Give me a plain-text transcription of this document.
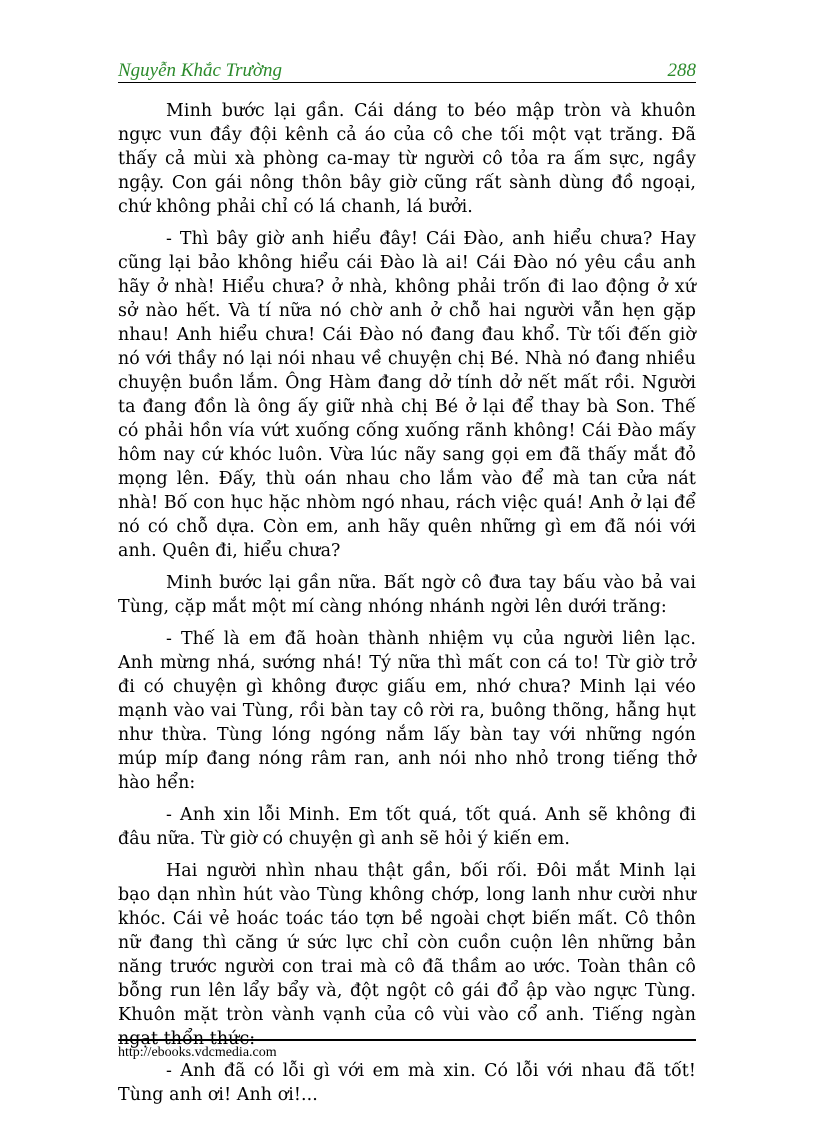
Nguyễn Khắc Trường	288

Minh bước lại gần. Cái dáng to béo mập tròn và khuôn ngực vun đầy đội kênh cả áo của cô che tối một vạt trăng. Đã thấy cả mùi xà phòng ca-may từ người cô tỏa ra ấm sực, ngầy ngậy. Con gái nông thôn bây giờ cũng rất sành dùng đồ ngoại, chứ không phải chỉ có lá chanh, lá bưởi.

- Thì bây giờ anh hiểu đây! Cái Đào, anh hiểu chưa? Hay cũng lại bảo không hiểu cái Đào là ai! Cái Đào nó yêu cầu anh hãy ở nhà! Hiểu chưa? ở nhà, không phải trốn đi lao động ở xứ sở nào hết. Và tí nữa nó chờ anh ở chỗ hai người vẫn hẹn gặp nhau! Anh hiểu chưa! Cái Đào nó đang đau khổ. Từ tối đến giờ nó với thầy nó lại nói nhau về chuyện chị Bé. Nhà nó đang nhiều chuyện buồn lắm. Ông Hàm đang dở tính dở nết mất rồi. Người ta đang đồn là ông ấy giữ nhà chị Bé ở lại để thay bà Son. Thế có phải hồn vía vứt xuống cống xuống rãnh không! Cái Đào mấy hôm nay cứ khóc luôn. Vừa lúc nãy sang gọi em đã thấy mắt đỏ mọng lên. Đấy, thù oán nhau cho lắm vào để mà tan cửa nát nhà! Bố con hục hặc nhòm ngó nhau, rách việc quá! Anh ở lại để nó có chỗ dựa. Còn em, anh hãy quên những gì em đã nói với anh. Quên đi, hiểu chưa?

Minh bước lại gần nữa. Bất ngờ cô đưa tay bấu vào bả vai Tùng, cặp mắt một mí càng nhóng nhánh ngời lên dưới trăng:

- Thế là em đã hoàn thành nhiệm vụ của người liên lạc. Anh mừng nhá, sướng nhá! Tý nữa thì mất con cá to! Từ giờ trở đi có chuyện gì không được giấu em, nhớ chưa? Minh lại véo mạnh vào vai Tùng, rồi bàn tay cô rời ra, buông thõng, hẫng hụt như thừa. Tùng lóng ngóng nắm lấy bàn tay với những ngón múp míp đang nóng râm ran, anh nói nho nhỏ trong tiếng thở hào hển:

- Anh xin lỗi Minh. Em tốt quá, tốt quá. Anh sẽ không đi đâu nữa. Từ giờ có chuyện gì anh sẽ hỏi ý kiến em.

Hai người nhìn nhau thật gần, bối rối. Đôi mắt Minh lại bạo dạn nhìn hút vào Tùng không chớp, long lanh như cười như khóc. Cái vẻ hoác toác táo tợn bề ngoài chợt biến mất. Cô thôn nữ đang thì căng ứ sức lực chỉ còn cuồn cuộn lên những bản năng trước người con trai mà cô đã thầm ao ước. Toàn thân cô bỗng run lên lẩy bẩy và, đột ngột cô gái đổ ập vào ngực Tùng. Khuôn mặt tròn vành vạnh của cô vùi vào cổ anh. Tiếng ngàn ngạt thổn thức:

- Anh đã có lỗi gì với em mà xin. Có lỗi với nhau đã tốt! Tùng anh ơi! Anh ơi!...

http://ebooks.vdcmedia.com
